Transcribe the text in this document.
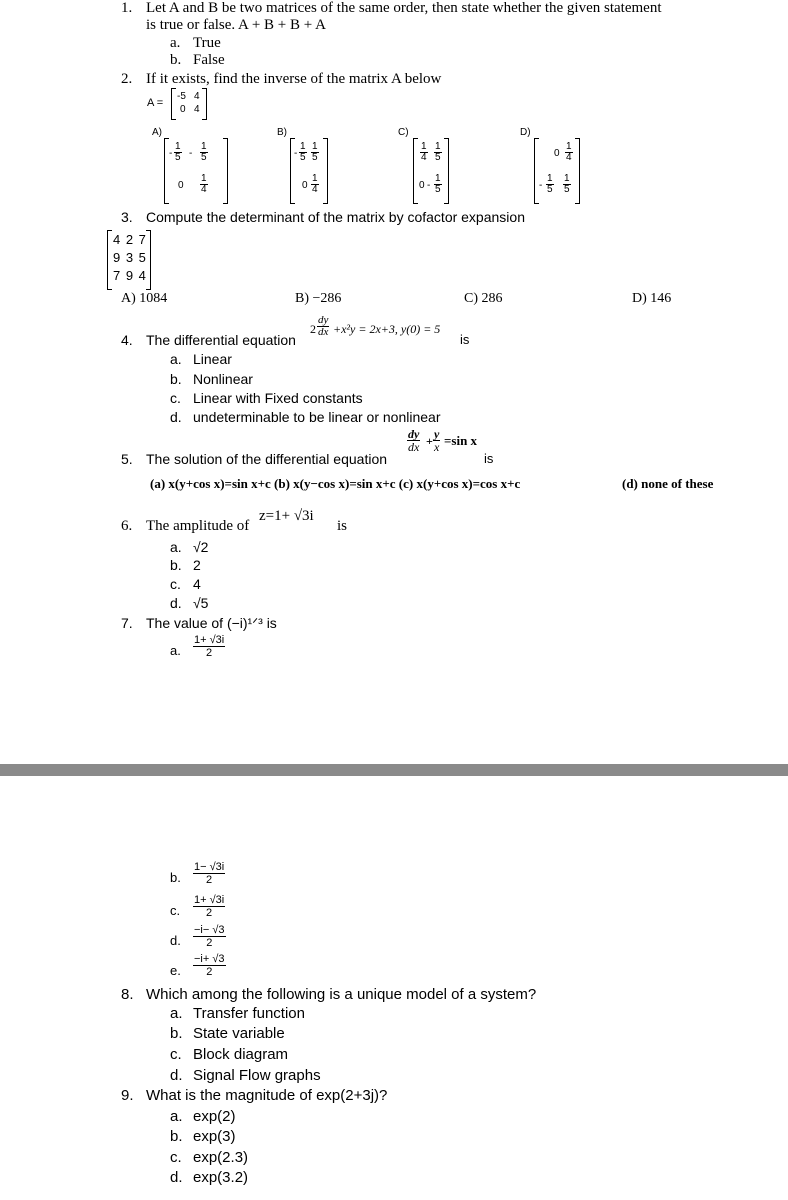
1. Let A and B be two matrices of the same order, then state whether the given statement
is true or false. A + B + B + A
a. True
b. False
2. If it exists, find the inverse of the matrix A below
A =
-5 4
0 4
A)	B)	C)	D)
- $\frac{1}{5} - \frac{1}{5}$
$0 \frac{1}{4}$
- $\frac{1}{5} \frac{1}{5}$
$0 \frac{1}{4}$
$\frac{1}{4} \frac{1}{5}$
$0 - \frac{1}{5}$
$0 \frac{1}{4}$
- $\frac{1}{5} \frac{1}{5}$
3. Compute the determinant of the matrix by cofactor expansion
4 2 7
9 3 5
7 9 4
A) 1084	B) −286	C) 286	D) 146
4. The differential equation
$2 \frac{dy}{dx} +x^2y = 2x+3$, y(0) = 5
is
a. Linear
b. Nonlinear
c. Linear with Fixed constants
d. undeterminable to be linear or nonlinear
5. The solution of the differential equation
$\frac{dy}{dx} + \frac{y}{x} =\sin$ x
is
(a) x(y+cos x)=sin x+c (b) x(y−cos x)=sin x+c (c) x(y+cos x)=cos x+c	(d) none of these
6. The amplitude of
z=1+ √3i
is
a. √2
b. 2
c. 4
d. √5
7. The value of (−i)¹ᐟ³ is
a. $\frac{1+ √3i}{2}$
b. $\frac{1- √3i}{2}$
c. $\frac{1+ √3i}{2}$
d. $\frac{-i- √3}{2}$
e. $\frac{-i+ √3}{2}$
8. Which among the following is a unique model of a system?
a. Transfer function
b. State variable
c. Block diagram
d. Signal Flow graphs
9. What is the magnitude of exp(2+3j)?
a. exp(2)
b. exp(3)
c. exp(2.3)
d. exp(3.2)
